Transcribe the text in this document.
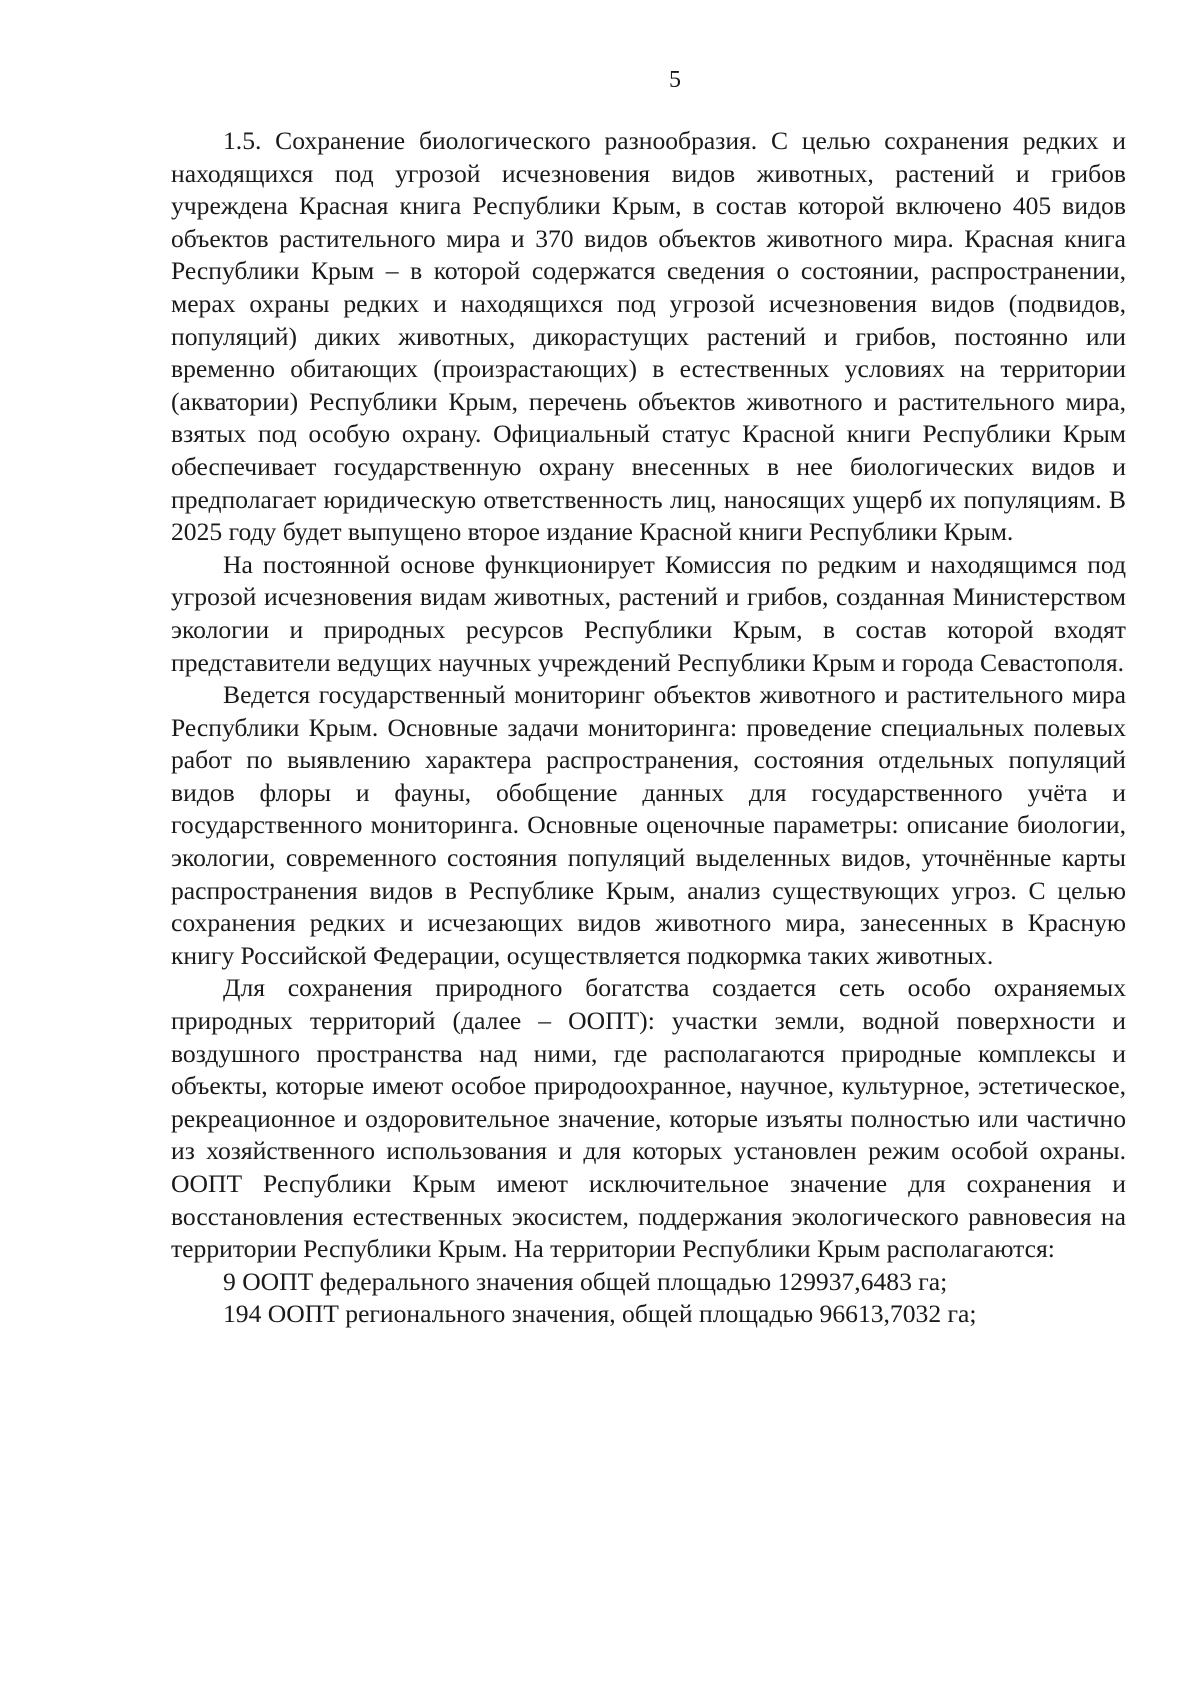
5

1.5. Сохранение биологического разнообразия. С целью сохранения редких и находящихся под угрозой исчезновения видов животных, растений и грибов учреждена Красная книга Республики Крым, в состав которой включено 405 видов объектов растительного мира и 370 видов объектов животного мира. Красная книга Республики Крым – в которой содержатся сведения о состоянии, распространении, мерах охраны редких и находящихся под угрозой исчезновения видов (подвидов, популяций) диких животных, дикорастущих растений и грибов, постоянно или временно обитающих (произрастающих) в естественных условиях на территории (акватории) Республики Крым, перечень объектов животного и растительного мира, взятых под особую охрану. Официальный статус Красной книги Республики Крым обеспечивает государственную охрану внесенных в нее биологических видов и предполагает юридическую ответственность лиц, наносящих ущерб их популяциям. В 2025 году будет выпущено второе издание Красной книги Республики Крым.

На постоянной основе функционирует Комиссия по редким и находящимся под угрозой исчезновения видам животных, растений и грибов, созданная Министерством экологии и природных ресурсов Республики Крым, в состав которой входят представители ведущих научных учреждений Республики Крым и города Севастополя.

Ведется государственный мониторинг объектов животного и растительного мира Республики Крым. Основные задачи мониторинга: проведение специальных полевых работ по выявлению характера распространения, состояния отдельных популяций видов флоры и фауны, обобщение данных для государственного учёта и государственного мониторинга. Основные оценочные параметры: описание биологии, экологии, современного состояния популяций выделенных видов, уточнённые карты распространения видов в Республике Крым, анализ существующих угроз. С целью сохранения редких и исчезающих видов животного мира, занесенных в Красную книгу Российской Федерации, осуществляется подкормка таких животных.

Для сохранения природного богатства создается сеть особо охраняемых природных территорий (далее – ООПТ): участки земли, водной поверхности и воздушного пространства над ними, где располагаются природные комплексы и объекты, которые имеют особое природоохранное, научное, культурное, эстетическое, рекреационное и оздоровительное значение, которые изъяты полностью или частично из хозяйственного использования и для которых установлен режим особой охраны. ООПТ Республики Крым имеют исключительное значение для сохранения и восстановления естественных экосистем, поддержания экологического равновесия на территории Республики Крым. На территории Республики Крым располагаются:

9 ООПТ федерального значения общей площадью 129937,6483 га;

194 ООПТ регионального значения, общей площадью 96613,7032 га;
